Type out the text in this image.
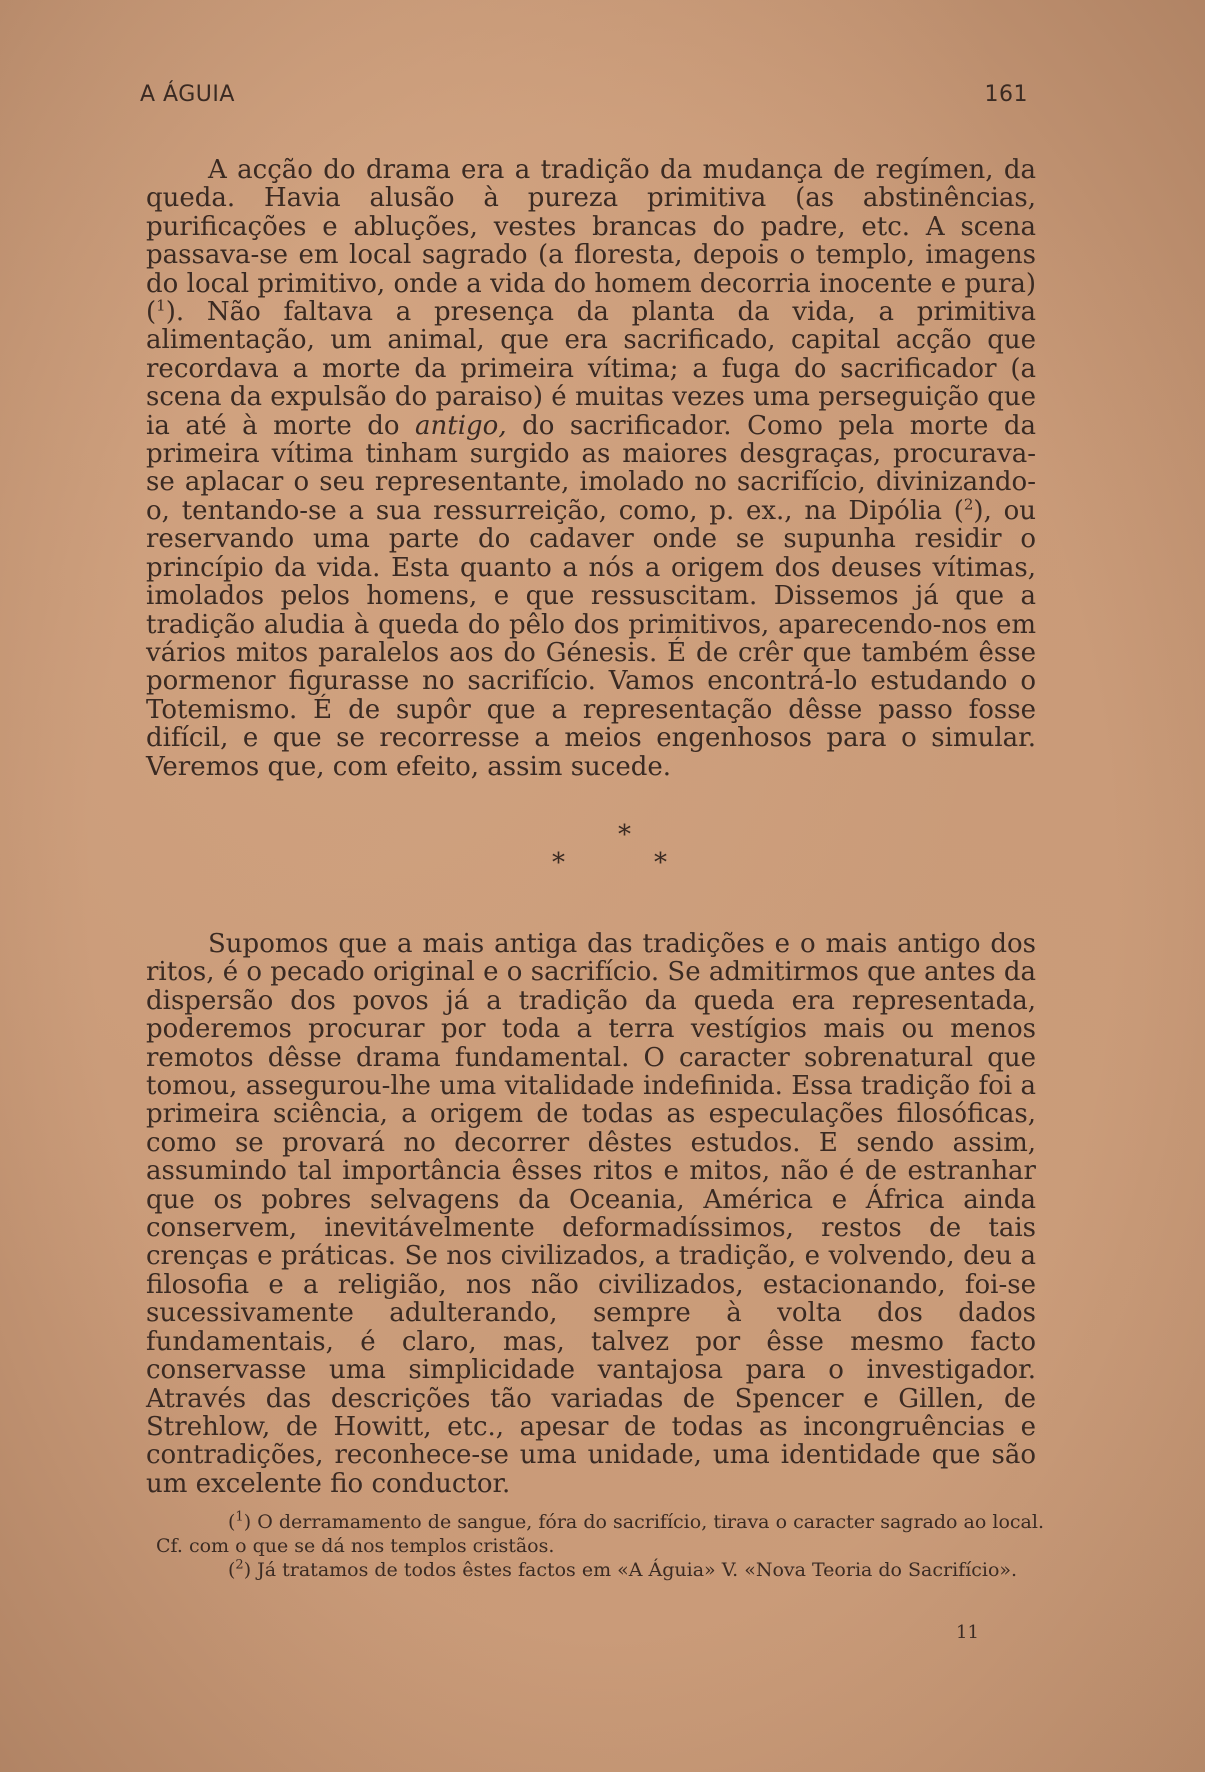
A ÁGUIA	161

A acção do drama era a tradição da mudança de regímen, da queda. Havia alusão à pureza primitiva (as abstinências, purificações e abluções, vestes brancas do padre, etc. A scena passava-se em local sagrado (a floresta, depois o templo, imagens do local primitivo, onde a vida do homem decorria inocente e pura) ($^1$). Não faltava a presença da planta da vida, a primitiva alimentação, um animal, que era sacrificado, capital acção que recordava a morte da primeira vítima; a fuga do sacrificador (a scena da expulsão do paraiso) é muitas vezes uma perseguição que ia até à morte do antigo, do sacrificador. Como pela morte da primeira vítima tinham surgido as maiores desgraças, procurava-se aplacar o seu representante, imolado no sacrifício, divinizando-o, tentando-se a sua ressurreição, como, p. ex., na Dipólia ($^2$), ou reservando uma parte do cadaver onde se supunha residir o princípio da vida. Esta quanto a nós a origem dos deuses vítimas, imolados pelos homens, e que ressuscitam. Dissemos já que a tradição aludia à queda do pêlo dos primitivos, aparecendo-nos em vários mitos paralelos aos do Génesis. É de crêr que também êsse pormenor figurasse no sacrifício. Vamos encontrá-lo estudando o Totemismo. É de supôr que a representação dêsse passo fosse difícil, e que se recorresse a meios engenhosos para o simular. Veremos que, com efeito, assim sucede.

*
*	*

Supomos que a mais antiga das tradições e o mais antigo dos ritos, é o pecado original e o sacrifício. Se admitirmos que antes da dispersão dos povos já a tradição da queda era representada, poderemos procurar por toda a terra vestígios mais ou menos remotos dêsse drama fundamental. O caracter sobrenatural que tomou, assegurou-lhe uma vitalidade indefinida. Essa tradição foi a primeira sciência, a origem de todas as especulações filosóficas, como se provará no decorrer dêstes estudos. E sendo assim, assumindo tal importância êsses ritos e mitos, não é de estranhar que os pobres selvagens da Oceania, América e África ainda conservem, inevitávelmente deformadíssimos, restos de tais crenças e práticas. Se nos civilizados, a tradição, e volvendo, deu a filosofia e a religião, nos não civilizados, estacionando, foi-se sucessivamente adulterando, sempre à volta dos dados fundamentais, é claro, mas, talvez por êsse mesmo facto conservasse uma simplicidade vantajosa para o investigador. Através das descrições tão variadas de Spencer e Gillen, de Strehlow, de Howitt, etc., apesar de todas as incongruências e contradições, reconhece-se uma unidade, uma identidade que são um excelente fio conductor.

($^1$) O derramamento de sangue, fóra do sacrifício, tirava o caracter sagrado ao local. Cf. com o que se dá nos templos cristãos.

($^2$) Já tratamos de todos êstes factos em «A Águia» V. «Nova Teoria do Sacrifício».

11
